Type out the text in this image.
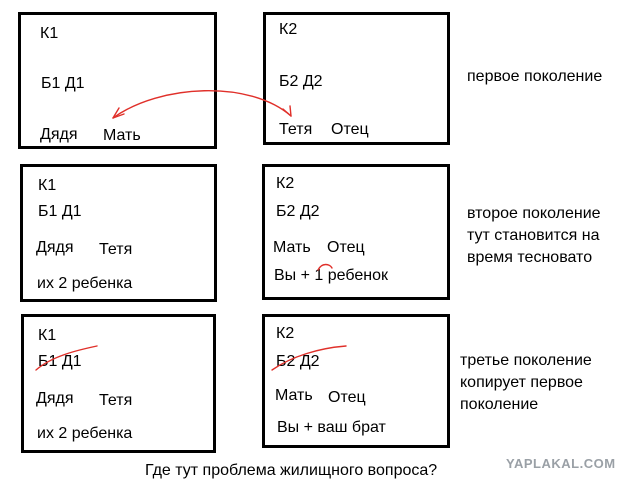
К1
Б1 Д1
Дядя Мать
К2
Б2 Д2
Тетя Отец
первое поколение
К1
Б1 Д1
Дядя Тетя
их 2 ребенка
К2
Б2 Д2
Мать Отец
Вы + 1 ребенок
второе поколение
тут становится на
время тесновато
К1
Б1 Д1
Дядя Тетя
их 2 ребенка
К2
Б2 Д2
Мать Отец
Вы + ваш брат
третье поколение
копирует первое
поколение
Где тут проблема жилищного вопроса?	YAPLAKAL.COM
